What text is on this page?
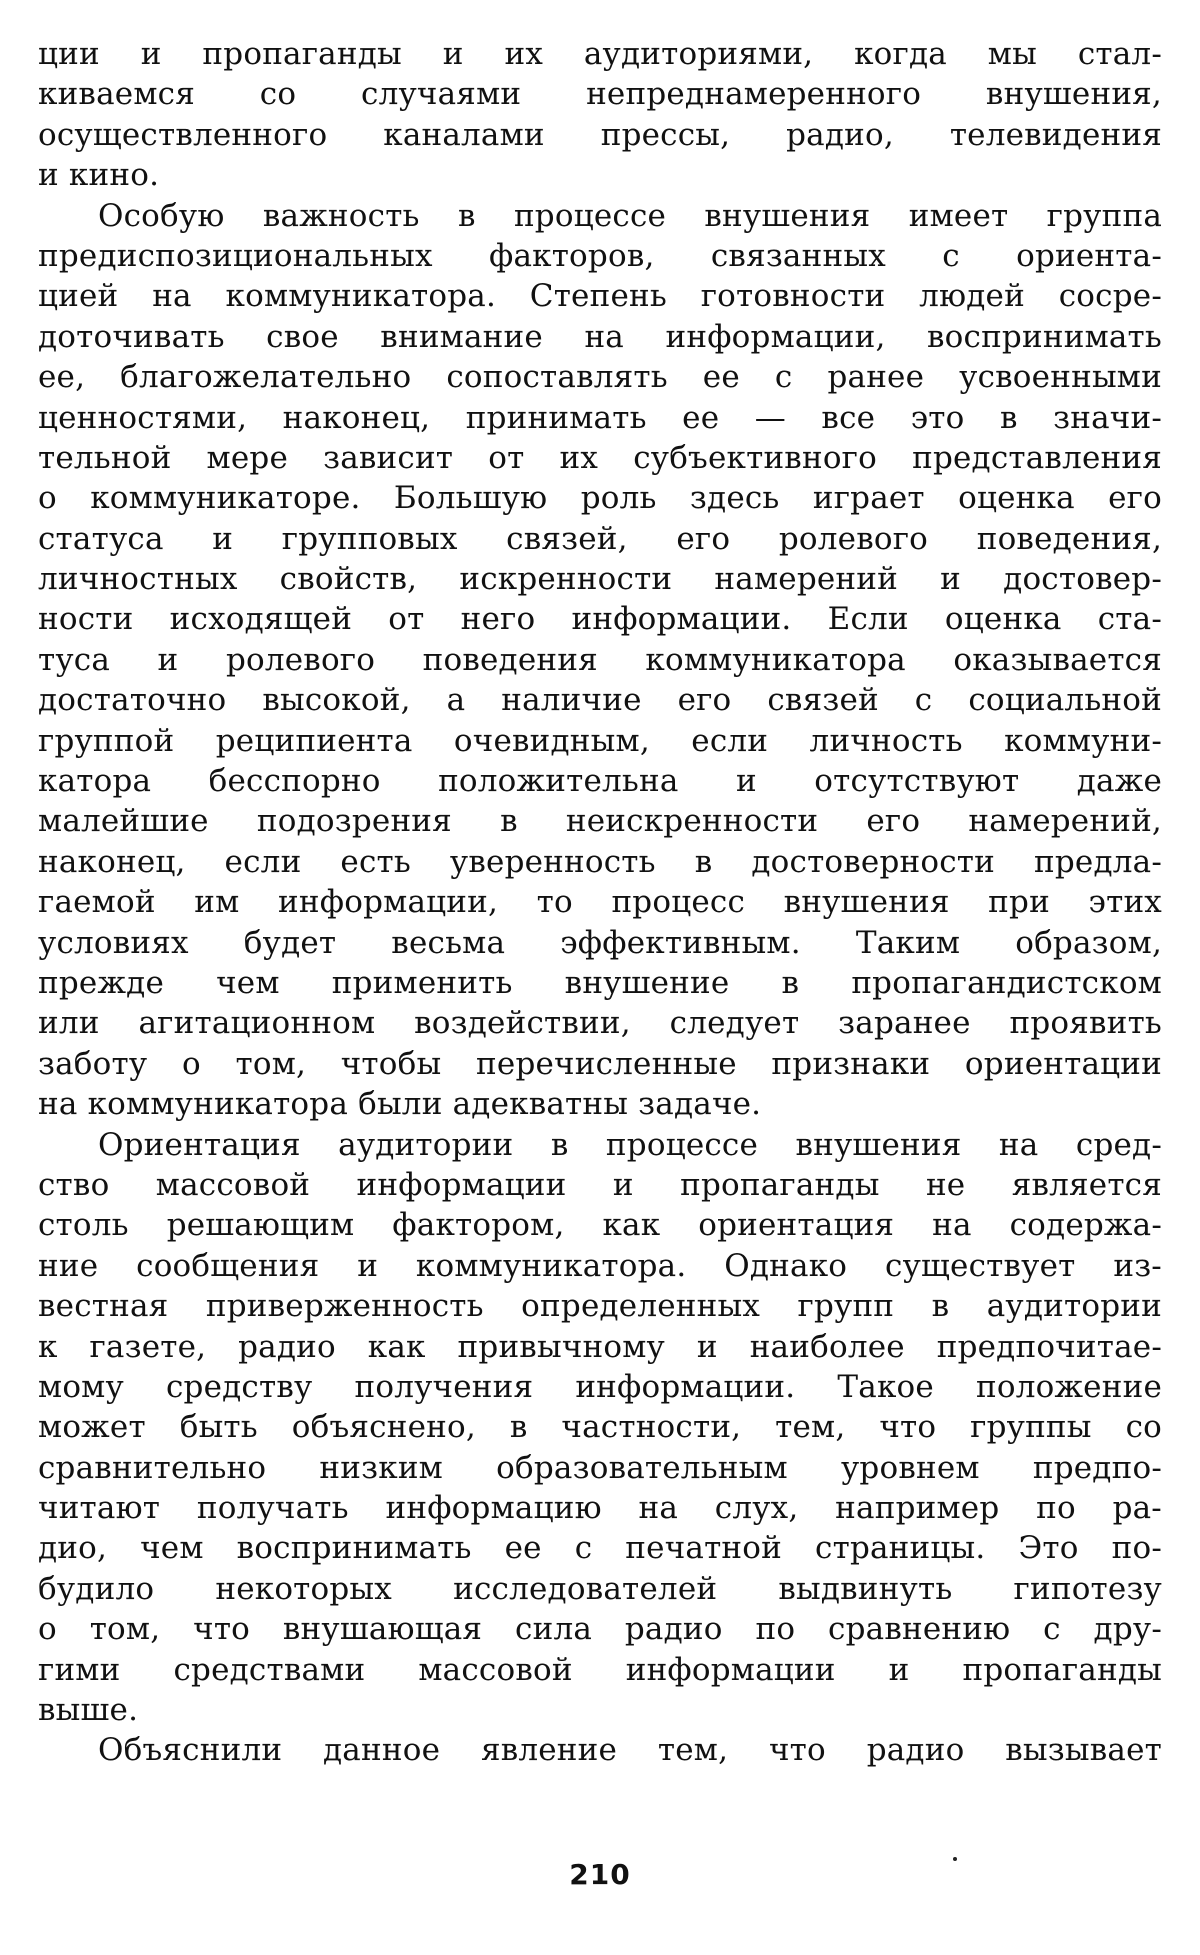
ции и пропаганды и их аудиториями, когда мы стал-
киваемся со случаями непреднамеренного внушения,
осуществленного каналами прессы, радио, телевидения
и кино.
Особую важность в процессе внушения имеет группа
предиспозициональных факторов, связанных с ориента-
цией на коммуникатора. Степень готовности людей сосре-
доточивать свое внимание на информации, воспринимать
ее, благожелательно сопоставлять ее с ранее усвоенными
ценностями, наконец, принимать ее — все это в значи-
тельной мере зависит от их субъективного представления
о коммуникаторе. Большую роль здесь играет оценка его
статуса и групповых связей, его ролевого поведения,
личностных свойств, искренности намерений и достовер-
ности исходящей от него информации. Если оценка ста-
туса и ролевого поведения коммуникатора оказывается
достаточно высокой, а наличие его связей с социальной
группой реципиента очевидным, если личность коммуни-
катора бесспорно положительна и отсутствуют даже
малейшие подозрения в неискренности его намерений,
наконец, если есть уверенность в достоверности предла-
гаемой им информации, то процесс внушения при этих
условиях будет весьма эффективным. Таким образом,
прежде чем применить внушение в пропагандистском
или агитационном воздействии, следует заранее проявить
заботу о том, чтобы перечисленные признаки ориентации
на коммуникатора были адекватны задаче.
Ориентация аудитории в процессе внушения на сред-
ство массовой информации и пропаганды не является
столь решающим фактором, как ориентация на содержа-
ние сообщения и коммуникатора. Однако существует из-
вестная приверженность определенных групп в аудитории
к газете, радио как привычному и наиболее предпочитае-
мому средству получения информации. Такое положение
может быть объяснено, в частности, тем, что группы со
сравнительно низким образовательным уровнем предпо-
читают получать информацию на слух, например по ра-
дио, чем воспринимать ее с печатной страницы. Это по-
будило некоторых исследователей выдвинуть гипотезу
о том, что внушающая сила радио по сравнению с дру-
гими средствами массовой информации и пропаганды
выше.
Объяснили данное явление тем, что радио вызывает
210
